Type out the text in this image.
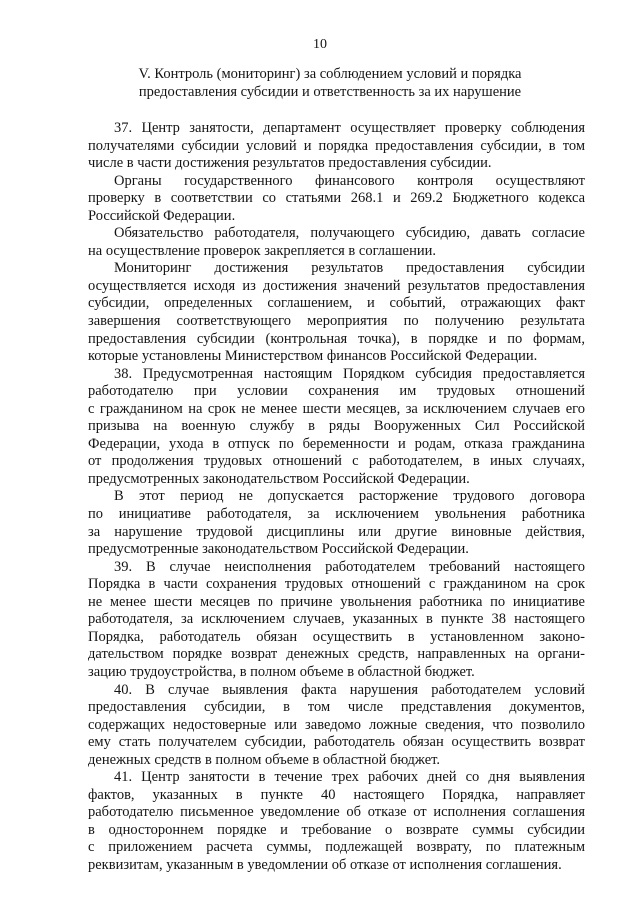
10
V. Контроль (мониторинг) за соблюдением условий и порядка
предоставления субсидии и ответственность за их нарушение
37. Центр занятости, департамент осуществляет проверку соблюдения
получателями субсидии условий и порядка предоставления субсидии, в том
числе в части достижения результатов предоставления субсидии.
Органы государственного финансового контроля осуществляют
проверку в соответствии со статьями 268.1 и 269.2 Бюджетного кодекса
Российской Федерации.
Обязательство работодателя, получающего субсидию, давать согласие
на осуществление проверок закрепляется в соглашении.
Мониторинг достижения результатов предоставления субсидии
осуществляется исходя из достижения значений результатов предоставления
субсидии, определенных соглашением, и событий, отражающих факт
завершения соответствующего мероприятия по получению результата
предоставления субсидии (контрольная точка), в порядке и по формам,
которые установлены Министерством финансов Российской Федерации.
38. Предусмотренная настоящим Порядком субсидия предоставляется
работодателю при условии сохранения им трудовых отношений
с гражданином на срок не менее шести месяцев, за исключением случаев его
призыва на военную службу в ряды Вооруженных Сил Российской
Федерации, ухода в отпуск по беременности и родам, отказа гражданина
от продолжения трудовых отношений с работодателем, в иных случаях,
предусмотренных законодательством Российской Федерации.
В этот период не допускается расторжение трудового договора
по инициативе работодателя, за исключением увольнения работника
за нарушение трудовой дисциплины или другие виновные действия,
предусмотренные законодательством Российской Федерации.
39. В случае неисполнения работодателем требований настоящего
Порядка в части сохранения трудовых отношений с гражданином на срок
не менее шести месяцев по причине увольнения работника по инициативе
работодателя, за исключением случаев, указанных в пункте 38 настоящего
Порядка, работодатель обязан осуществить в установленном законо-
дательством порядке возврат денежных средств, направленных на органи-
зацию трудоустройства, в полном объеме в областной бюджет.
40. В случае выявления факта нарушения работодателем условий
предоставления субсидии, в том числе представления документов,
содержащих недостоверные или заведомо ложные сведения, что позволило
ему стать получателем субсидии, работодатель обязан осуществить возврат
денежных средств в полном объеме в областной бюджет.
41. Центр занятости в течение трех рабочих дней со дня выявления
фактов, указанных в пункте 40 настоящего Порядка, направляет
работодателю письменное уведомление об отказе от исполнения соглашения
в одностороннем порядке и требование о возврате суммы субсидии
с приложением расчета суммы, подлежащей возврату, по платежным
реквизитам, указанным в уведомлении об отказе от исполнения соглашения.
